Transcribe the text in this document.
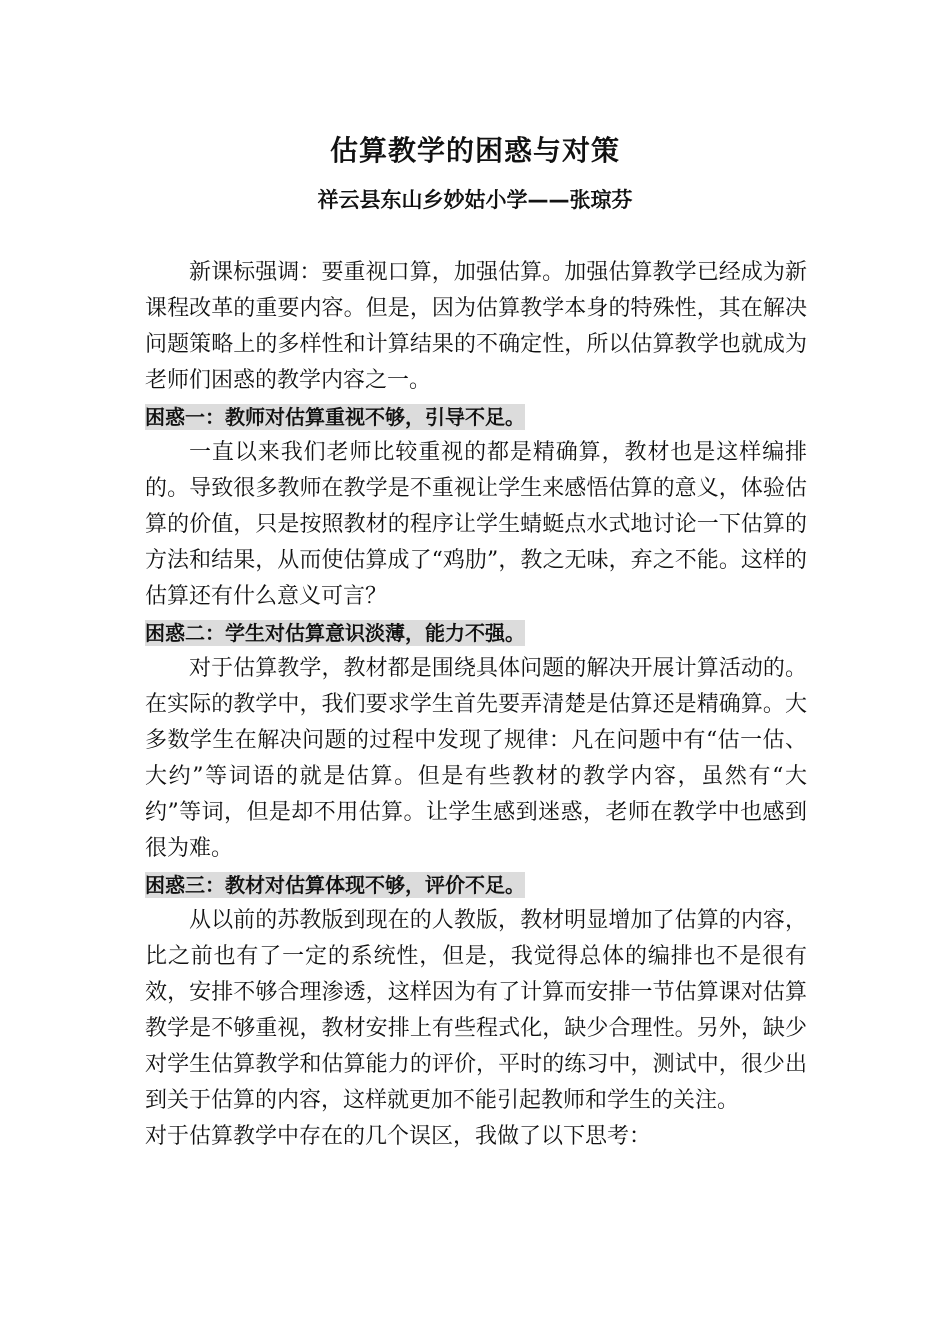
估算教学的困惑与对策
祥云县东山乡妙姑小学——张琼芬

新课标强调：要重视口算，加强估算。加强估算教学已经成为新课程改革的重要内容。但是，因为估算教学本身的特殊性，其在解决问题策略上的多样性和计算结果的不确定性，所以估算教学也就成为老师们困惑的教学内容之一。

困惑一：教师对估算重视不够，引导不足。

一直以来我们老师比较重视的都是精确算，教材也是这样编排的。导致很多教师在教学是不重视让学生来感悟估算的意义，体验估算的价值，只是按照教材的程序让学生蜻蜓点水式地讨论一下估算的方法和结果，从而使估算成了“鸡肋”，教之无味，弃之不能。这样的估算还有什么意义可言？

困惑二：学生对估算意识淡薄，能力不强。

对于估算教学，教材都是围绕具体问题的解决开展计算活动的。在实际的教学中，我们要求学生首先要弄清楚是估算还是精确算。大多数学生在解决问题的过程中发现了规律：凡在问题中有“估一估、大约”等词语的就是估算。但是有些教材的教学内容，虽然有“大约”等词，但是却不用估算。让学生感到迷惑，老师在教学中也感到很为难。

困惑三：教材对估算体现不够，评价不足。

从以前的苏教版到现在的人教版，教材明显增加了估算的内容，比之前也有了一定的系统性，但是，我觉得总体的编排也不是很有效，安排不够合理渗透，这样因为有了计算而安排一节估算课对估算教学是不够重视，教材安排上有些程式化，缺少合理性。另外，缺少对学生估算教学和估算能力的评价，平时的练习中，测试中，很少出到关于估算的内容，这样就更加不能引起教师和学生的关注。

对于估算教学中存在的几个误区，我做了以下思考：
